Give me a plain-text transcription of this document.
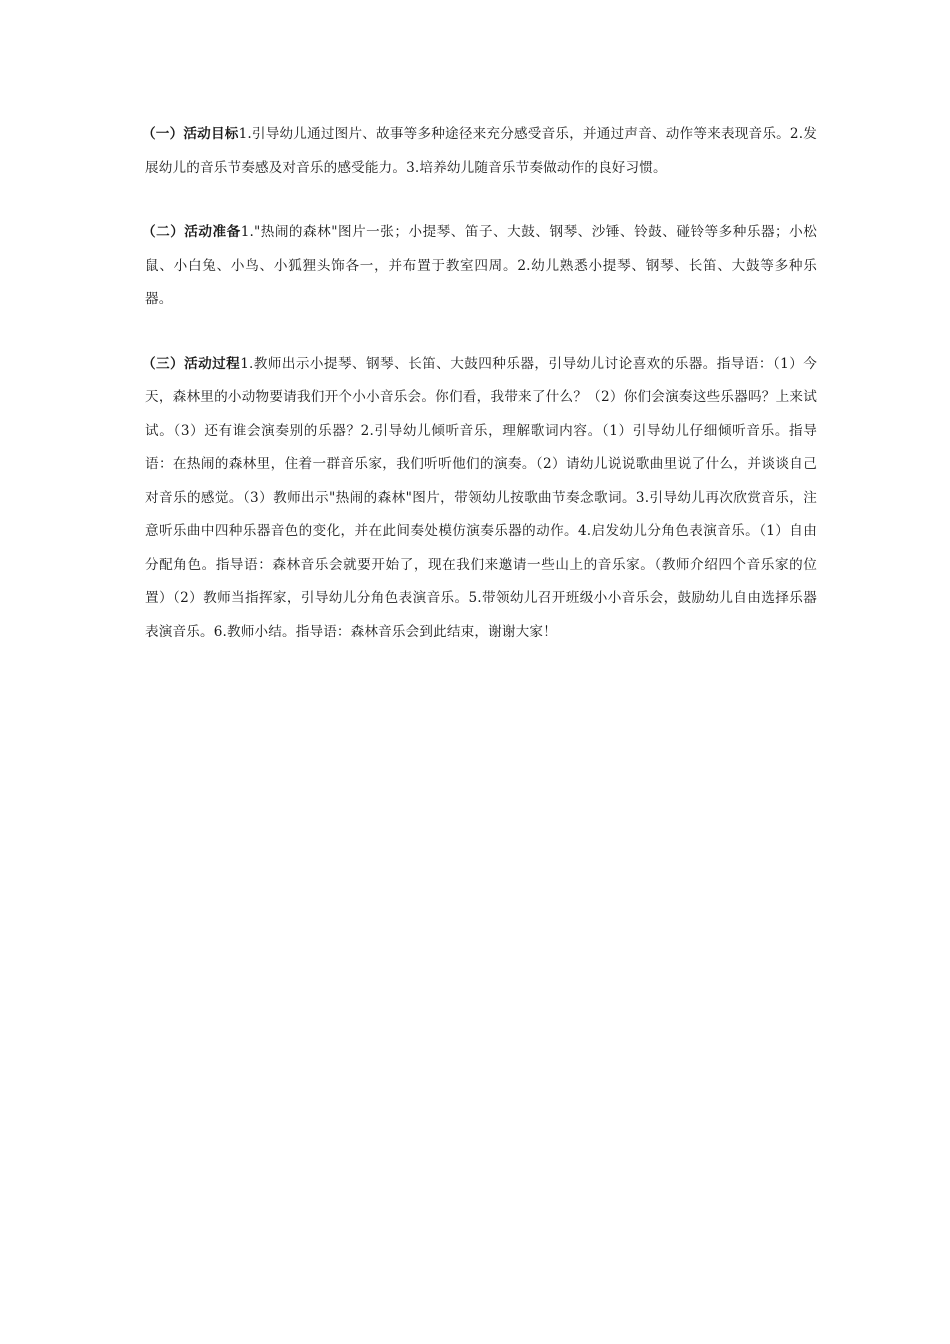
（一）活动目标1.引导幼儿通过图片、故事等多种途径来充分感受音乐，并通过声音、动作等来表现音乐。2.发展幼儿的音乐节奏感及对音乐的感受能力。3.培养幼儿随音乐节奏做动作的良好习惯。

（二）活动准备1."热闹的森林"图片一张；小提琴、笛子、大鼓、钢琴、沙锤、铃鼓、碰铃等多种乐器；小松鼠、小白兔、小鸟、小狐狸头饰各一，并布置于教室四周。2.幼儿熟悉小提琴、钢琴、长笛、大鼓等多种乐器。

（三）活动过程1.教师出示小提琴、钢琴、长笛、大鼓四种乐器，引导幼儿讨论喜欢的乐器。指导语：（1）今天，森林里的小动物要请我们开个小小音乐会。你们看，我带来了什么？（2）你们会演奏这些乐器吗？上来试试。（3）还有谁会演奏别的乐器？2.引导幼儿倾听音乐，理解歌词内容。（1）引导幼儿仔细倾听音乐。指导语：在热闹的森林里，住着一群音乐家，我们听听他们的演奏。（2）请幼儿说说歌曲里说了什么，并谈谈自己对音乐的感觉。（3）教师出示"热闹的森林"图片，带领幼儿按歌曲节奏念歌词。3.引导幼儿再次欣赏音乐，注意听乐曲中四种乐器音色的变化，并在此间奏处模仿演奏乐器的动作。4.启发幼儿分角色表演音乐。（1）自由分配角色。指导语：森林音乐会就要开始了，现在我们来邀请一些山上的音乐家。（教师介绍四个音乐家的位置）（2）教师当指挥家，引导幼儿分角色表演音乐。5.带领幼儿召开班级小小音乐会，鼓励幼儿自由选择乐器表演音乐。6.教师小结。指导语：森林音乐会到此结束，谢谢大家！
